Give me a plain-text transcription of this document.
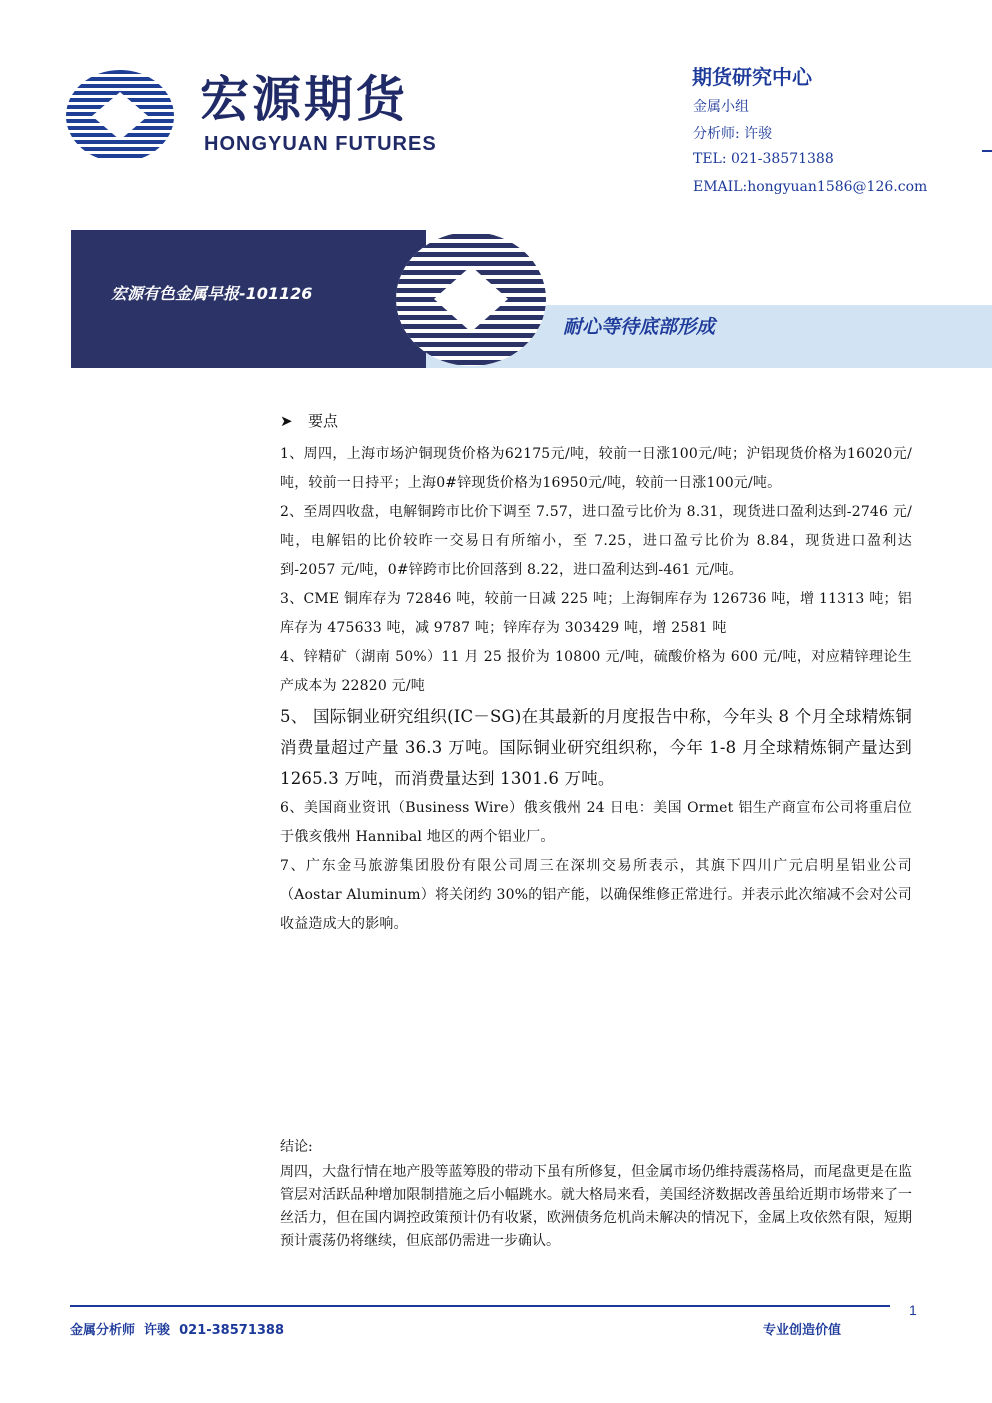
宏源期货
HONGYUAN FUTURES
期货研究中心
金属小组
分析师: 许骏
TEL: 021-38571388
EMAIL:hongyuan1586@126.com
宏源有色金属早报-101126
耐心等待底部形成
➤ 要点

1、周四，上海市场沪铜现货价格为62175元/吨，较前一日涨100元/吨；沪铝现货价格为16020元/吨，较前一日持平；上海0#锌现货价格为16950元/吨，较前一日涨100元/吨。

2、至周四收盘，电解铜跨市比价下调至 7.57，进口盈亏比价为 8.31，现货进口盈利达到-2746 元/吨，电解铝的比价较昨一交易日有所缩小，至 7.25，进口盈亏比价为 8.84，现货进口盈利达到-2057 元/吨，0#锌跨市比价回落到 8.22，进口盈利达到-461 元/吨。

3、CME 铜库存为 72846 吨，较前一日减 225 吨；上海铜库存为 126736 吨，增 11313 吨；铝库存为 475633 吨，减 9787 吨；锌库存为 303429 吨，增 2581 吨

4、锌精矿（湖南 50%）11 月 25 报价为 10800 元/吨，硫酸价格为 600 元/吨，对应精锌理论生产成本为 22820 元/吨

5、 国际铜业研究组织(IC－SG)在其最新的月度报告中称，今年头 8 个月全球精炼铜消费量超过产量 36.3 万吨。国际铜业研究组织称，今年 1-8 月全球精炼铜产量达到 1265.3 万吨，而消费量达到 1301.6 万吨。

6、美国商业资讯（Business Wire）俄亥俄州 24 日电：美国 Ormet 铝生产商宣布公司将重启位于俄亥俄州 Hannibal 地区的两个铝业厂。

7、广东金马旅游集团股份有限公司周三在深圳交易所表示，其旗下四川广元启明星铝业公司（Aostar Aluminum）将关闭约 30%的铝产能，以确保维修正常进行。并表示此次缩减不会对公司收益造成大的影响。

结论:

周四，大盘行情在地产股等蓝筹股的带动下虽有所修复，但金属市场仍维持震荡格局，而尾盘更是在监管层对活跃品种增加限制措施之后小幅跳水。就大格局来看，美国经济数据改善虽给近期市场带来了一丝活力，但在国内调控政策预计仍有收紧，欧洲债务危机尚未解决的情况下，金属上攻依然有限，短期预计震荡仍将继续，但底部仍需进一步确认。

1
金属分析师  许骏  021-38571388	专业创造价值
